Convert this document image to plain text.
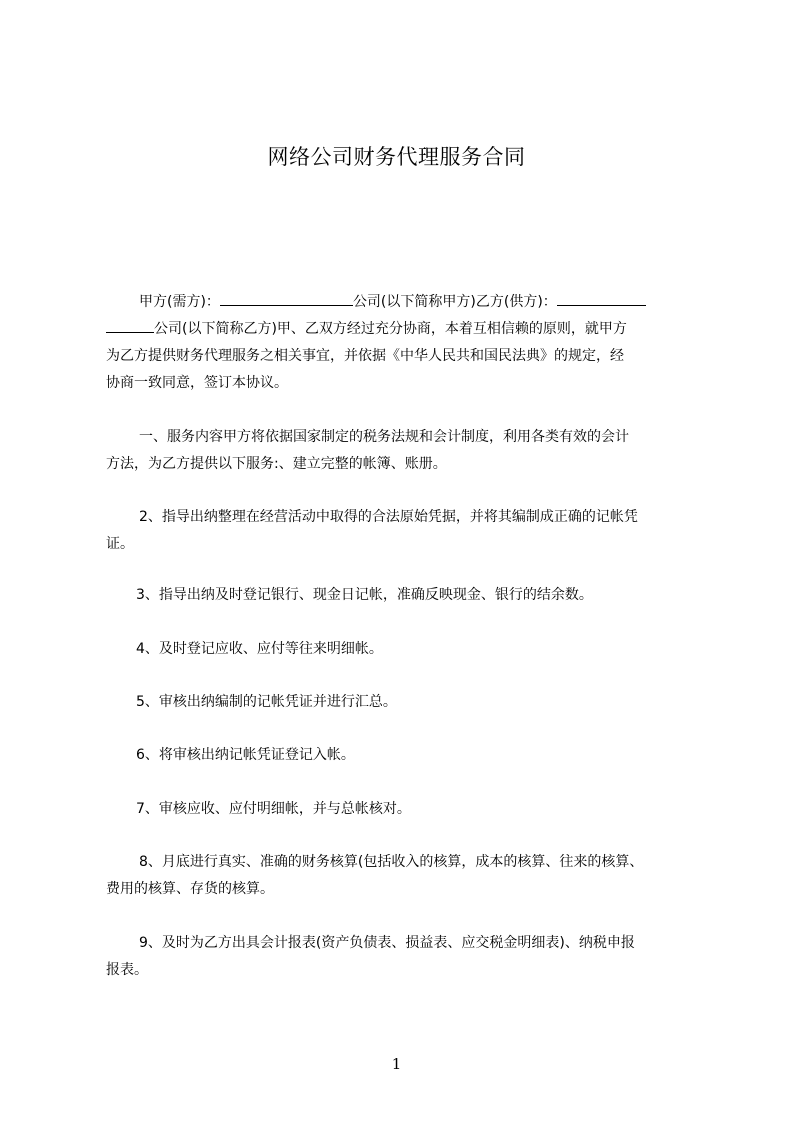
网络公司财务代理服务合同
甲方(需方)：	公司(以下简称甲方)乙方(供方)：
公司(以下简称乙方)甲、乙双方经过充分协商，本着互相信赖的原则，就甲方
为乙方提供财务代理服务之相关事宜，并依据《中华人民共和国民法典》的规定，经
协商一致同意，签订本协议。
一、服务内容甲方将依据国家制定的税务法规和会计制度，利用各类有效的会计
方法，为乙方提供以下服务:、建立完整的帐簿、账册。
2、指导出纳整理在经营活动中取得的合法原始凭据，并将其编制成正确的记帐凭
证。
3、指导出纳及时登记银行、现金日记帐，准确反映现金、银行的结余数。
4、及时登记应收、应付等往来明细帐。
5、审核出纳编制的记帐凭证并进行汇总。
6、将审核出纳记帐凭证登记入帐。
7、审核应收、应付明细帐，并与总帐核对。
8、月底进行真实、准确的财务核算(包括收入的核算，成本的核算、往来的核算、
费用的核算、存货的核算。
9、及时为乙方出具会计报表(资产负债表、损益表、应交税金明细表)、纳税申报
报表。
1
